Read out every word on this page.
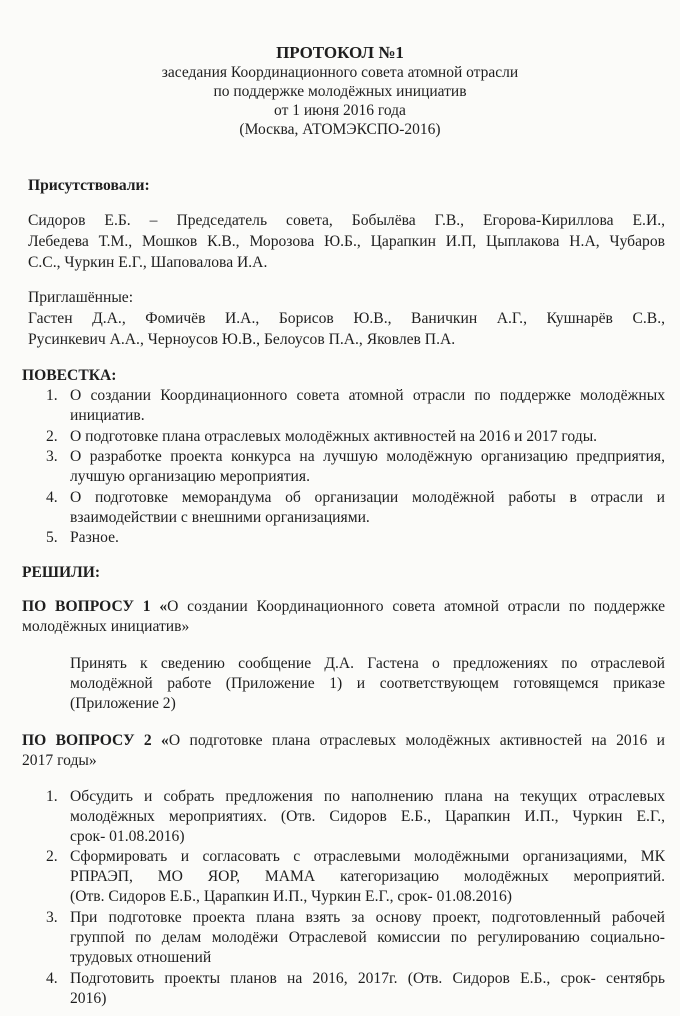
ПРОТОКОЛ №1
заседания Координационного совета атомной отрасли
по поддержке молодёжных инициатив
от 1 июня 2016 года
(Москва, АТОМЭКСПО-2016)
Присутствовали:
Сидоров Е.Б. – Председатель совета, Бобылёва Г.В., Егорова-Кириллова Е.И.,
Лебедева Т.М., Мошков К.В., Морозова Ю.Б., Царапкин И.П, Цыплакова Н.А, Чубаров
С.С., Чуркин Е.Г., Шаповалова И.А.
Приглашённые:
Гастен Д.А., Фомичёв И.А., Борисов Ю.В., Ваничкин А.Г., Кушнарёв С.В.,
Русинкевич А.А., Черноусов Ю.В., Белоусов П.А., Яковлев П.А.
ПОВЕСТКА:
1. О создании Координационного совета атомной отрасли по поддержке молодёжных
инициатив.
2. О подготовке плана отраслевых молодёжных активностей на 2016 и 2017 годы.
3. О разработке проекта конкурса на лучшую молодёжную организацию предприятия,
лучшую организацию мероприятия.
4. О подготовке меморандума об организации молодёжной работы в отрасли и
взаимодействии с внешними организациями.
5. Разное.
РЕШИЛИ:
ПО ВОПРОСУ 1 «О создании Координационного совета атомной отрасли по поддержке
молодёжных инициатив»
Принять к сведению сообщение Д.А. Гастена о предложениях по отраслевой
молодёжной работе (Приложение 1) и соответствующем готовящемся приказе
(Приложение 2)
ПО ВОПРОСУ 2 «О подготовке плана отраслевых молодёжных активностей на 2016 и
2017 годы»
1. Обсудить и собрать предложения по наполнению плана на текущих отраслевых
молодёжных мероприятиях. (Отв. Сидоров Е.Б., Царапкин И.П., Чуркин Е.Г.,
срок- 01.08.2016)
2. Сформировать и согласовать с отраслевыми молодёжными организациями, МК
РПРАЭП, МО ЯОР, МАМА категоризацию молодёжных мероприятий.
(Отв. Сидоров Е.Б., Царапкин И.П., Чуркин Е.Г., срок- 01.08.2016)
3. При подготовке проекта плана взять за основу проект, подготовленный рабочей
группой по делам молодёжи Отраслевой комиссии по регулированию социально-
трудовых отношений
4. Подготовить проекты планов на 2016, 2017г. (Отв. Сидоров Е.Б., срок- сентябрь
2016)
